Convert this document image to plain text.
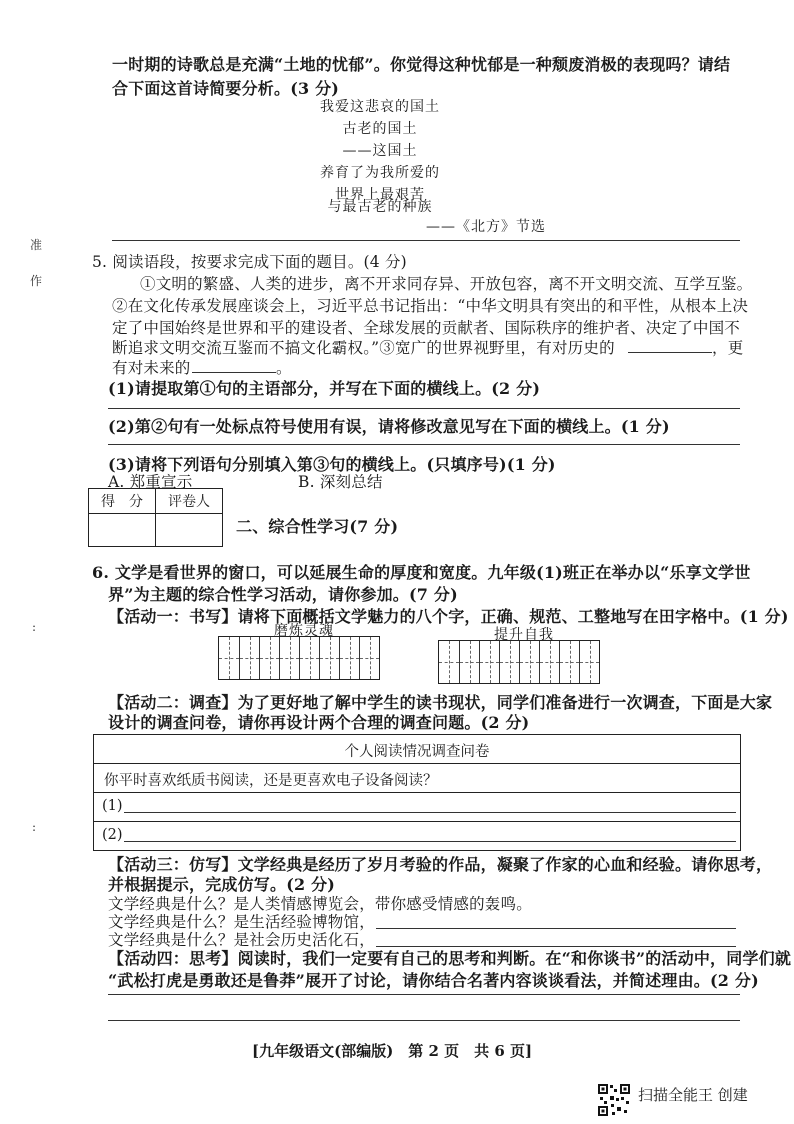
准
作
:
:
一时期的诗歌总是充满“土地的忧郁”。你觉得这种忧郁是一种颓废消极的表现吗？请结
合下面这首诗简要分析。(3 分)
我爱这悲哀的国土
古老的国土
——这国土
养育了为我所爱的
世界上最艰苦
与最古老的种族
——《北方》节选
5. 阅读语段，按要求完成下面的题目。(4 分)
①文明的繁盛、人类的进步，离不开求同存异、开放包容，离不开文明交流、互学互鉴。
②在文化传承发展座谈会上，习近平总书记指出：“中华文明具有突出的和平性，从根本上决
定了中国始终是世界和平的建设者、全球发展的贡献者、国际秩序的维护者、决定了中国不
断追求文明交流互鉴而不搞文化霸权。”③宽广的世界视野里，有对历史的	，更
有对未来的	。
(1)请提取第①句的主语部分，并写在下面的横线上。(2 分)
(2)第②句有一处标点符号使用有误，请将修改意见写在下面的横线上。(1 分)
(3)请将下列语句分别填入第③句的横线上。(只填序号)(1 分)
A. 郑重宣示	B. 深刻总结
得　分	评卷人

二、综合性学习(7 分)
6. 文学是看世界的窗口，可以延展生命的厚度和宽度。九年级(1)班正在举办以“乐享文学世
界”为主题的综合性学习活动，请你参加。(7 分)
【活动一：书写】请将下面概括文学魅力的八个字，正确、规范、工整地写在田字格中。(1 分)
磨炼灵魂	提升自我
【活动二：调查】为了更好地了解中学生的读书现状，同学们准备进行一次调查，下面是大家
设计的调查问卷，请你再设计两个合理的调查问题。(2 分)
个人阅读情况调查问卷
你平时喜欢纸质书阅读，还是更喜欢电子设备阅读？
(1)
(2)
【活动三：仿写】文学经典是经历了岁月考验的作品，凝聚了作家的心血和经验。请你思考，
并根据提示，完成仿写。(2 分)
文学经典是什么？是人类情感博览会，带你感受情感的轰鸣。
文学经典是什么？是生活经验博物馆，
文学经典是什么？是社会历史活化石，
【活动四：思考】阅读时，我们一定要有自己的思考和判断。在“和你谈书”的活动中，同学们就
“武松打虎是勇敢还是鲁莽”展开了讨论，请你结合名著内容谈谈看法，并简述理由。(2 分)
[九年级语文(部编版)　第 2 页　共 6 页]
扫描全能王 创建
